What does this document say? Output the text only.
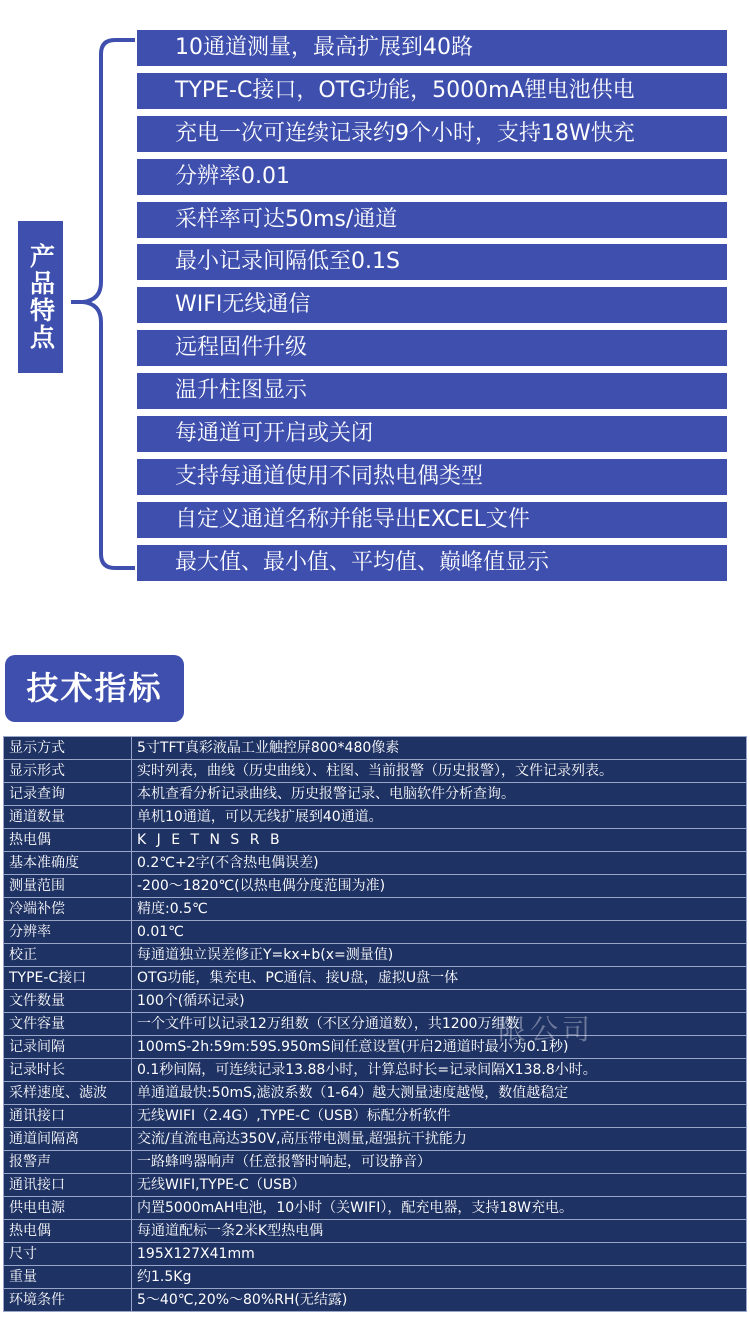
产品特点
10通道测量，最高扩展到40路
TYPE-C接口，OTG功能，5000mA锂电池供电
充电一次可连续记录约9个小时，支持18W快充
分辨率0.01
采样率可达50ms/通道
最小记录间隔低至0.1S
WIFI无线通信
远程固件升级
温升柱图显示
每通道可开启或关闭
支持每通道使用不同热电偶类型
自定义通道名称并能导出EXCEL文件
最大值、最小值、平均值、巅峰值显示
技术指标
显示方式	5寸TFT真彩液晶工业触控屏800*480像素
显示形式	实时列表，曲线（历史曲线）、柱图、当前报警（历史报警），文件记录列表。
记录查询	本机查看分析记录曲线、历史报警记录、电脑软件分析查询。
通道数量	单机10通道，可以无线扩展到40通道。
热电偶	K J E T N S R B
基本准确度	0.2℃+2字(不含热电偶误差)
测量范围	-200～1820℃(以热电偶分度范围为准)
冷端补偿	精度:0.5℃
分辨率	0.01℃
校正	每通道独立误差修正Y=kx+b(x=测量值)
TYPE-C接口	OTG功能，集充电、PC通信、接U盘，虚拟U盘一体
文件数量	100个(循环记录)
文件容量	一个文件可以记录12万组数（不区分通道数），共1200万组数
记录间隔	100mS-2h:59m:59S.950mS间任意设置(开启2通道时最小为0.1秒)
记录时长	0.1秒间隔，可连续记录13.88小时，计算总时长=记录间隔X138.8小时。
采样速度、滤波	单通道最快:50mS,滤波系数（1-64）越大测量速度越慢，数值越稳定
通讯接口	无线WIFI（2.4G）,TYPE-C（USB）标配分析软件
通道间隔离	交流/直流电高达350V,高压带电测量,超强抗干扰能力
报警声	一路蜂鸣器响声（任意报警时响起，可设静音）
通讯接口	无线WIFI,TYPE-C（USB）
供电电源	内置5000mAH电池，10小时（关WIFI），配充电器，支持18W充电。
热电偶	每通道配标一条2米K型热电偶
尺寸	195X127X41mm
重量	约1.5Kg
环境条件	5～40℃,20%～80%RH(无结露)
限公司
